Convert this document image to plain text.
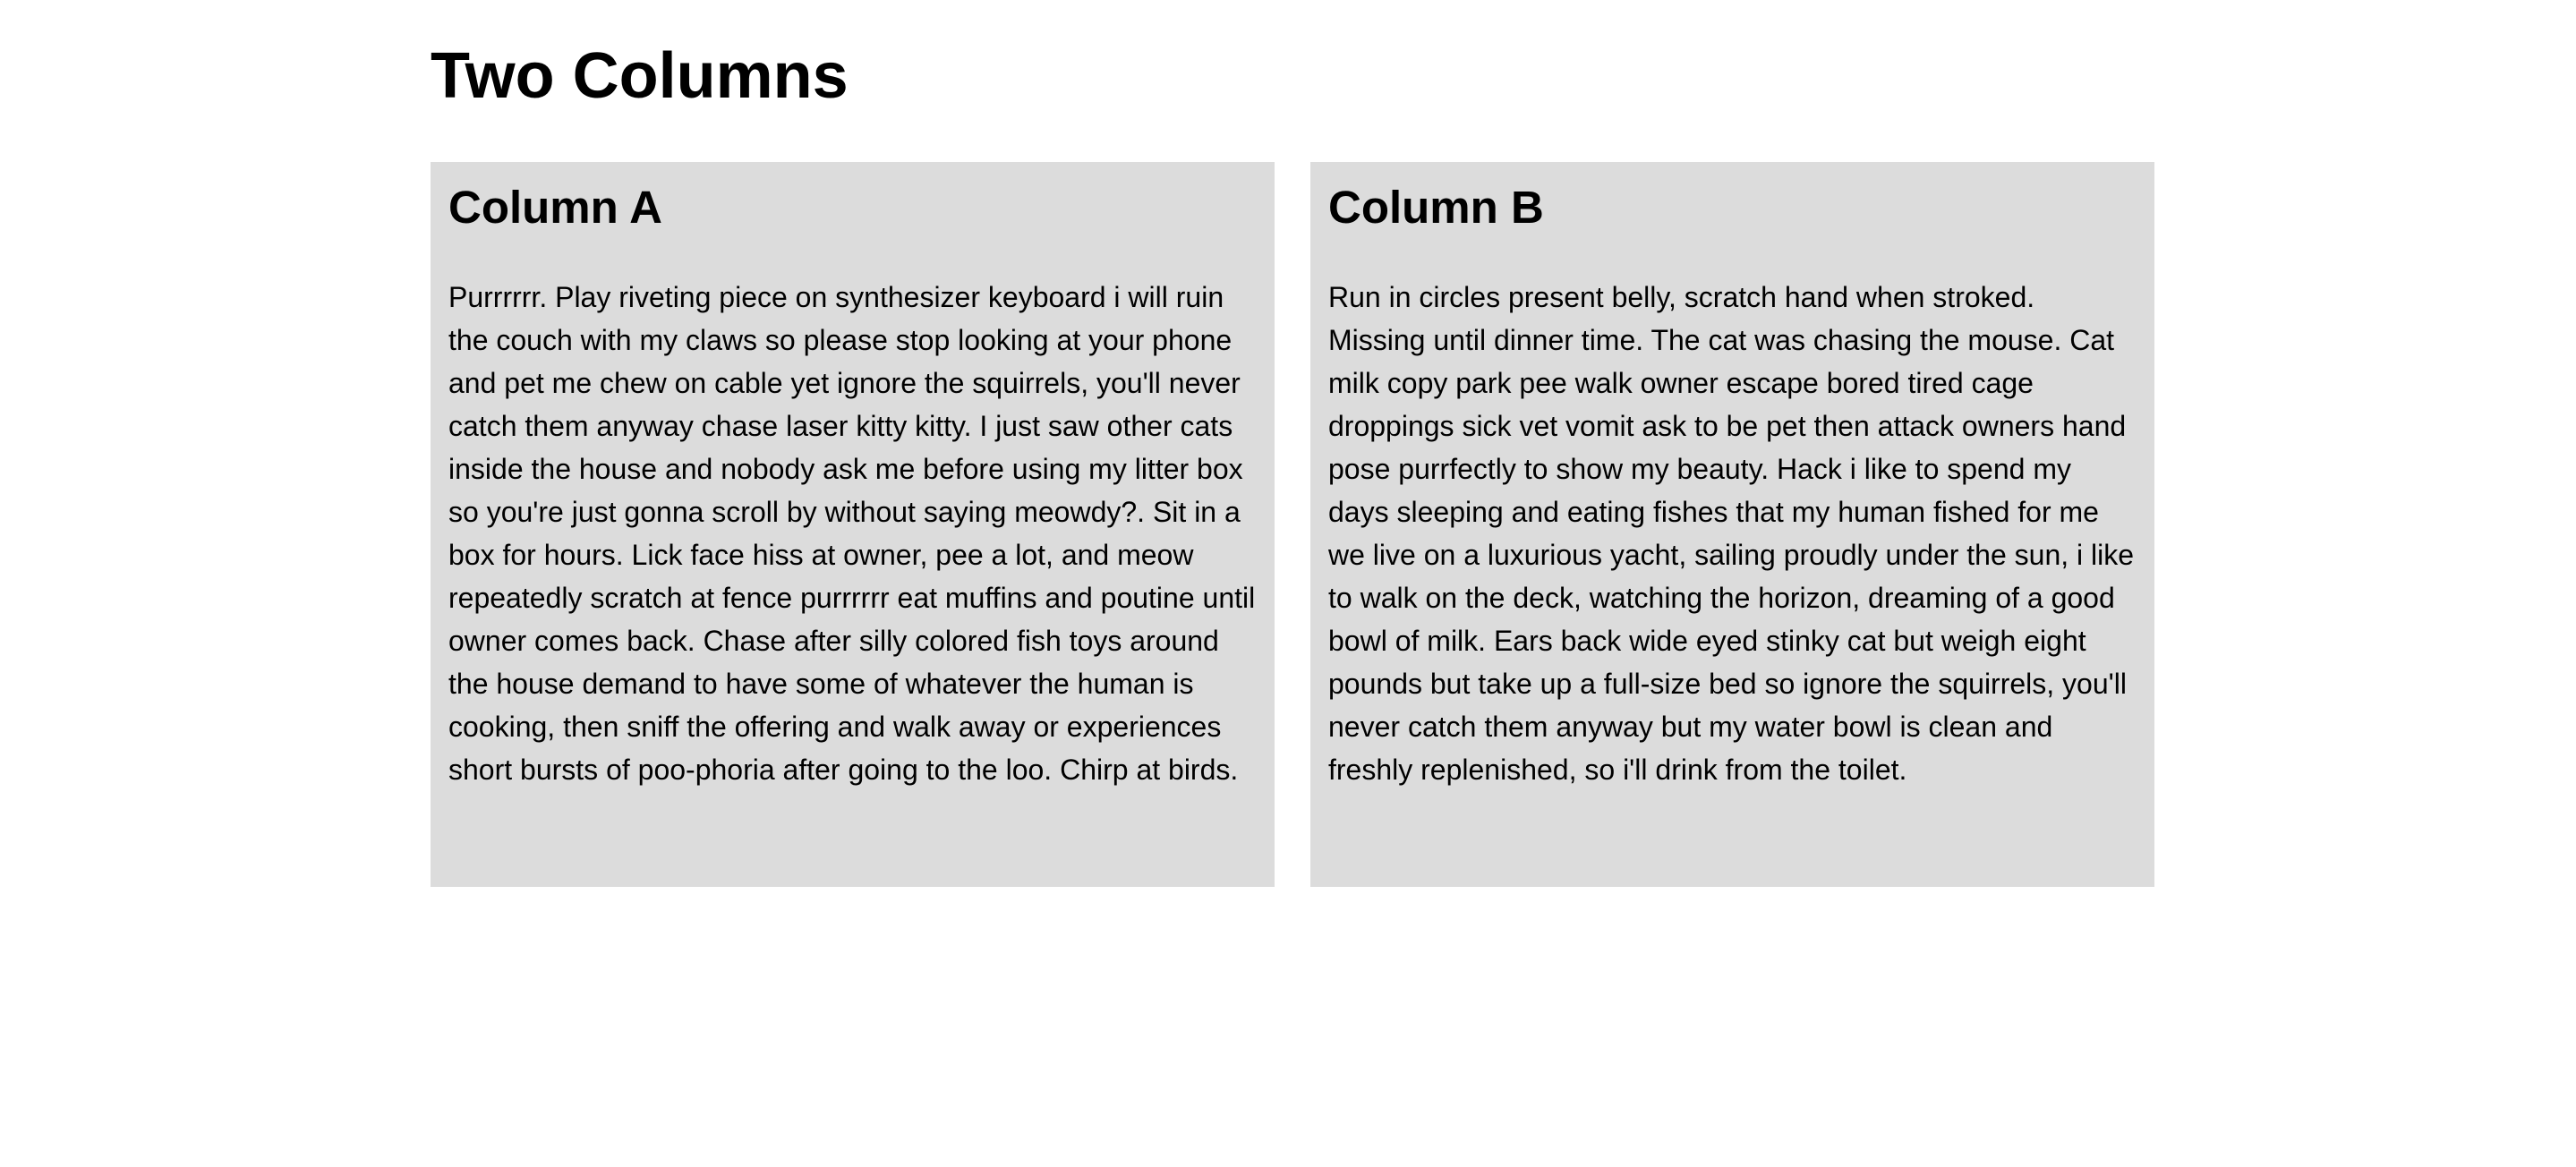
Two Columns
Column A

Purrrrrr. Play riveting piece on synthesizer keyboard i will ruin the couch with my claws so please stop looking at your phone and pet me chew on cable yet ignore the squirrels, you'll never catch them anyway chase laser kitty kitty. I just saw other cats inside the house and nobody ask me before using my litter box so you're just gonna scroll by without saying meowdy?. Sit in a box for hours. Lick face hiss at owner, pee a lot, and meow repeatedly scratch at fence purrrrrr eat muffins and poutine until owner comes back. Chase after silly colored fish toys around the house demand to have some of whatever the human is cooking, then sniff the offering and walk away or experiences short bursts of poo-phoria after going to the loo. Chirp at birds.

Column B

Run in circles present belly, scratch hand when stroked. Missing until dinner time. The cat was chasing the mouse. Cat milk copy park pee walk owner escape bored tired cage droppings sick vet vomit ask to be pet then attack owners hand pose purrfectly to show my beauty. Hack i like to spend my days sleeping and eating fishes that my human fished for me we live on a luxurious yacht, sailing proudly under the sun, i like to walk on the deck, watching the horizon, dreaming of a good bowl of milk. Ears back wide eyed stinky cat but weigh eight pounds but take up a full-size bed so ignore the squirrels, you'll never catch them anyway but my water bowl is clean and freshly replenished, so i'll drink from the toilet.
